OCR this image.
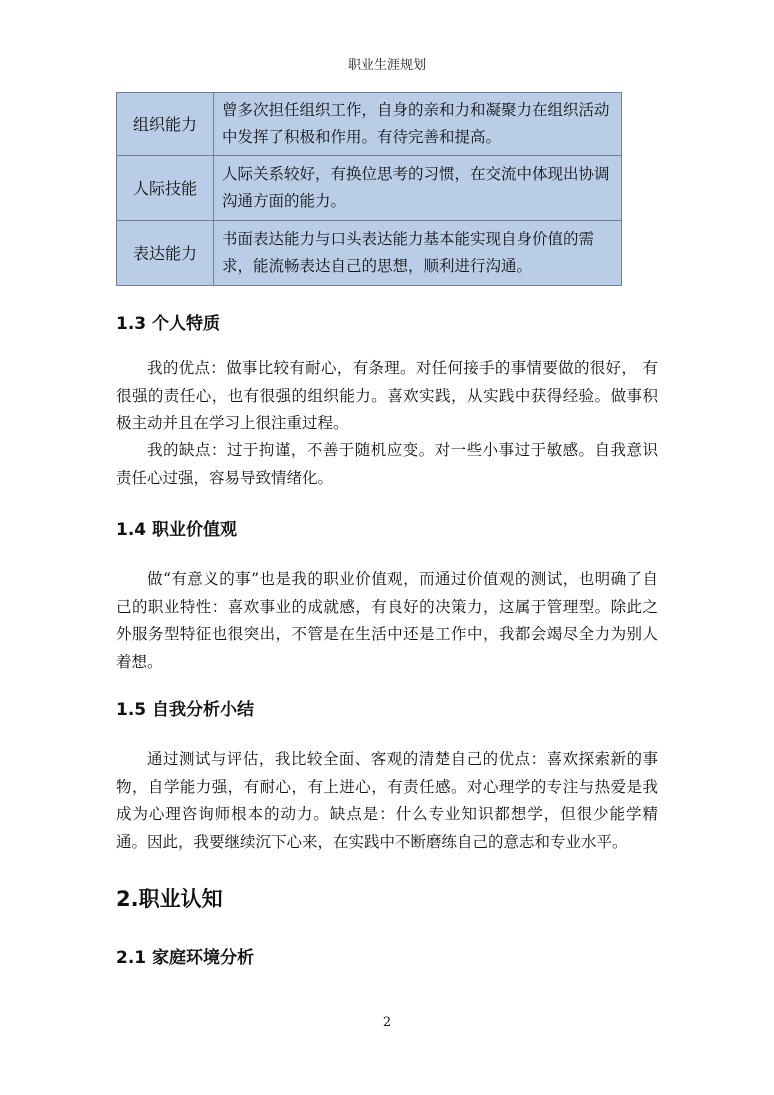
职业生涯规划
组织能力	曾多次担任组织工作，自身的亲和力和凝聚力在组织活动中发挥了积极和作用。有待完善和提高。
人际技能	人际关系较好，有换位思考的习惯，在交流中体现出协调沟通方面的能力。
表达能力	书面表达能力与口头表达能力基本能实现自身价值的需求，能流畅表达自己的思想，顺利进行沟通。
1.3 个人特质

我的优点：做事比较有耐心，有条理。对任何接手的事情要做的很好， 有很强的责任心，也有很强的组织能力。喜欢实践，从实践中获得经验。做事积极主动并且在学习上很注重过程。

我的缺点：过于拘谨，不善于随机应变。对一些小事过于敏感。自我意识责任心过强，容易导致情绪化。

1.4 职业价值观

做“有意义的事”也是我的职业价值观，而通过价值观的测试，也明确了自己的职业特性：喜欢事业的成就感，有良好的决策力，这属于管理型。除此之外服务型特征也很突出，不管是在生活中还是工作中，我都会竭尽全力为别人着想。

1.5 自我分析小结

通过测试与评估，我比较全面、客观的清楚自己的优点：喜欢探索新的事物，自学能力强，有耐心，有上进心，有责任感。对心理学的专注与热爱是我成为心理咨询师根本的动力。缺点是：什么专业知识都想学，但很少能学精通。因此，我要继续沉下心来，在实践中不断磨练自己的意志和专业水平。

2.职业认知
2.1 家庭环境分析
2
